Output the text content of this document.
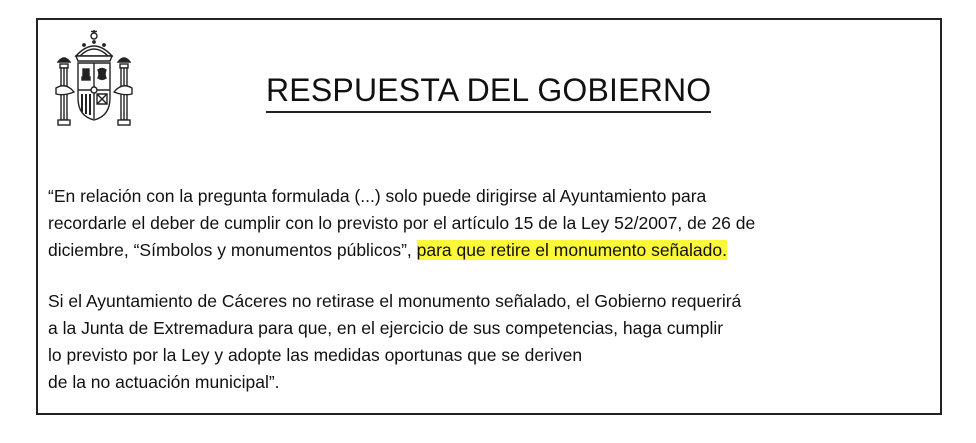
RESPUESTA DEL GOBIERNO

“En relación con la pregunta formulada (...) solo puede dirigirse al Ayuntamiento para
recordarle el deber de cumplir con lo previsto por el artículo 15 de la Ley 52/2007, de 26 de
diciembre, “Símbolos y monumentos públicos”, para que retire el monumento señalado.

Si el Ayuntamiento de Cáceres no retirase el monumento señalado, el Gobierno requerirá
a la Junta de Extremadura para que, en el ejercicio de sus competencias, haga cumplir
lo previsto por la Ley y adopte las medidas oportunas que se deriven
de la no actuación municipal”.
